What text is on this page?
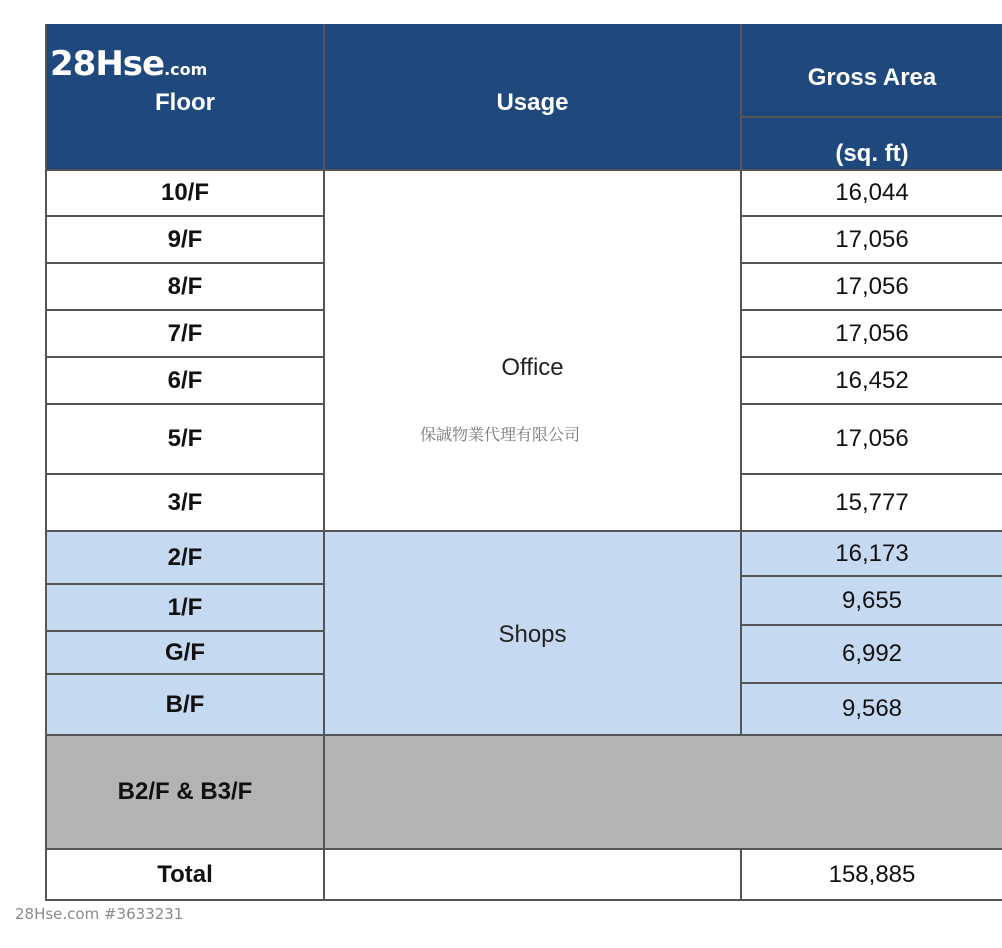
Floor	Usage
Gross Area
(sq. ft)
28Hse.com
Office
Shops
10/F
9/F
8/F
7/F
6/F
5/F
3/F
2/F
1/F
G/F
B/F
16,044
17,056
17,056
17,056
16,452
17,056
15,777
16,173
9,655
6,992
9,568
B2/F & B3/F
Total	158,885
保誠物業代理有限公司
28Hse.com #3633231
